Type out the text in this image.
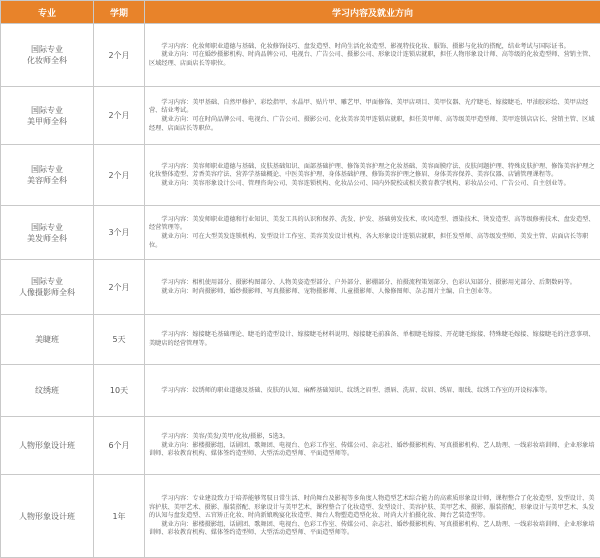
专业	学期	学习内容及就业方向

国际专业
化妆师全科	2个月	学习内容：化妆师职业道德与基础、化妆修饰技巧、盘发造型、时尚生活化妆造型、影视特技化妆、服饰、摄影与化妆的搭配，结业考试与国际证书。
就业方向：可在婚纱摄影机构、时尚品牌公司、电视台、广告公司、摄影公司、形象设计连锁店就职，担任人物形象设计师、高等级的化妆造型师、营销主管、区域经理、店面店长等职位。

国际专业
美甲师全科	2个月	学习内容：美甲基础、自然甲修护、彩绘指甲、水晶甲、贴片甲、雕艺甲、甲面修饰、美甲店项目、美甲仪器、光疗睫毛、嫁接睫毛、甲油胶彩绘、美甲店经营、结业考试。
就业方向：可在时尚品牌公司、电视台、广告公司、摄影公司、化妆美容美甲连锁店就职，担任美甲师、高等级美甲造型师、美甲连锁店店长、营销主管、区域经理、店面店长等职位。

国际专业
美容师全科	2个月	学习内容：美容师职业道德与基础、皮肤基础知识、面部基础护理、修饰美容护理之化妆基础、美容面膜疗法、皮肤问题护理、特殊皮肤护理、修饰美容护理之化妆整体造型、芳香美容疗法、营养学基础概论、中医美容护理、身体基础护理、修饰美容护理之修眉、身体美容保养、美容仪器、店铺管理课程等。
就业方向：美容形象设计公司、管理咨询公司、美容连锁机构、化妆品公司、国内外院校或相关教育教学机构、彩妆品公司、广告公司、自主创业等。

国际专业
美发师全科	3个月	学习内容：美发师职业道德和行业知识、美发工具的认识和保养、洗发、护发、基础剪发技术、吹风造型、漂染技术、烫发造型、高等级修剪技术、盘发造型、经营管理等。
就业方向：可在大型美发连锁机构、发型设计工作室、美容美发设计机构、各大形象设计连锁店就职，担任发型师、高等级发型师、美发主管、店面店长等职位。

国际专业
人像摄影师全科	2个月	学习内容：相机使用部分、摄影构图部分、人物美姿造型部分、户外部分、影棚部分、拍摄流程策划部分、色彩认知部分、摄影用光部分、后期数码等。
就业方向：时尚摄影师、婚纱摄影师、写真摄影师、宠物摄影师、儿童摄影师、人像修图师、杂志图片主编、自主创业等。

美睫班	5天	学习内容：嫁接睫毛基础理论、睫毛的造型设计、嫁接睫毛材料说明、嫁接睫毛前准备、单根睫毛嫁接、开花睫毛嫁接、特殊睫毛嫁接、嫁接睫毛的注意事项、美睫店的经营管理等。

纹绣班	10天	学习内容：纹绣师的职业道德及基础、皮肤的认知、麻醉基础知识、纹绣之眉型、漂唇、洗眉、纹眉、绣眉、眼线、纹绣工作室的开设标准等。

人物形象设计班	6个月	学习内容：美容/美发/美甲/化妆/摄影，5选3。
就业方向：影楼摄影组、话剧团、歌舞团、电视台、色彩工作室、传媒公司、杂志社、婚纱摄影机构、写真摄影机构、艺人助理、一线彩妆培训师、企业形象培训师、彩妆教育机构、媒体签约造型师、大型活动造型师、平面造型师等。

人物形象设计班	1年	学习内容：专业建设致力于培养能够驾驭日常生活、时尚舞台及影视等多角度人物造型艺术综合能力的高素质形象设计师，课程整合了化妆造型、发型设计、美容护肤、美甲艺术、摄影、服装搭配、形象设计与美甲艺术，课程整合了化妆造型、发型设计、美容护肤、美甲艺术、摄影、服装搭配、形象设计与美甲艺术、头发的认知与盘发造型、五官矫正化妆、时尚新娘晚宴化妆造型、舞台人物塑造造型化妆、时尚大片拍摄化妆、舞台艺装造型等。
就业方向：影楼摄影组、话剧团、歌舞团、电视台、色彩工作室、传媒公司、杂志社、婚纱摄影机构、写真摄影机构、艺人助理、一线彩妆培训师、企业形象培训师、彩妆教育机构、媒体签约造型师、大型活动造型师、平面造型师等。
